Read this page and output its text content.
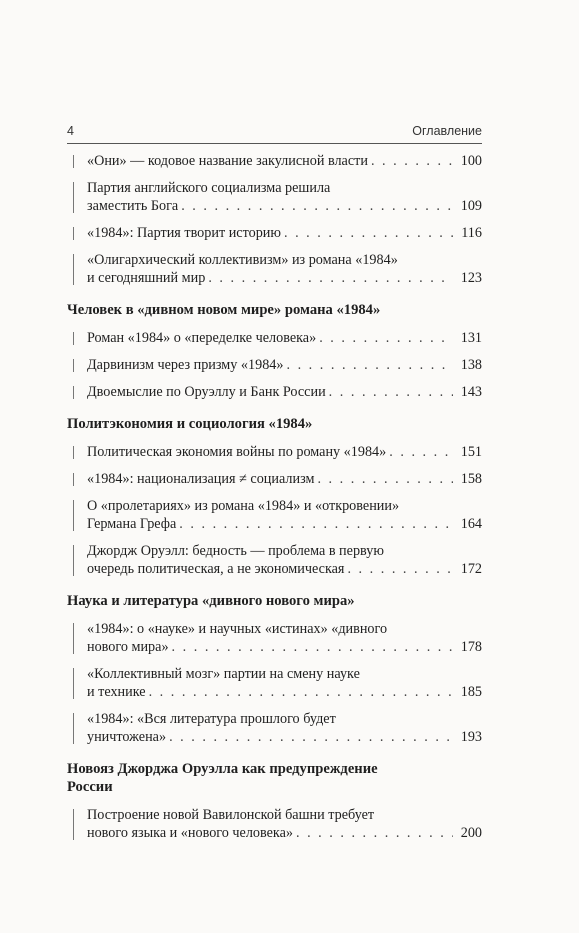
4	Оглавление
«Они» — кодовое название закулисной власти . . .	100
Партия английского социализма решила
заместить Бога . . .	109
«1984»: Партия творит историю . . .	116
«Олигархический коллективизм» из романа «1984»
и сегодняшний мир . . .	123
Человек в «дивном новом мире» романа «1984»
Роман «1984» о «переделке человека» . . .	131
Дарвинизм через призму «1984» . . .	138
Двоемыслие по Оруэллу и Банк России . . .	143
Политэкономия и социология «1984»
Политическая экономия войны по роману «1984» . . .	151
«1984»: национализация ≠ социализм . . .	158
О «пролетариях» из романа «1984» и «откровении»
Германа Грефа . . .	164
Джордж Оруэлл: бедность — проблема в первую
очередь политическая, а не экономическая . . .	172
Наука и литература «дивного нового мира»
«1984»: о «науке» и научных «истинах» «дивного
нового мира» . . .	178
«Коллективный мозг» партии на смену науке
и технике . . .	185
«1984»: «Вся литература прошлого будет
уничтожена» . . .	193
Новояз Джорджа Оруэлла как предупреждение
России
Построение новой Вавилонской башни требует
нового языка и «нового человека» . . .	200
